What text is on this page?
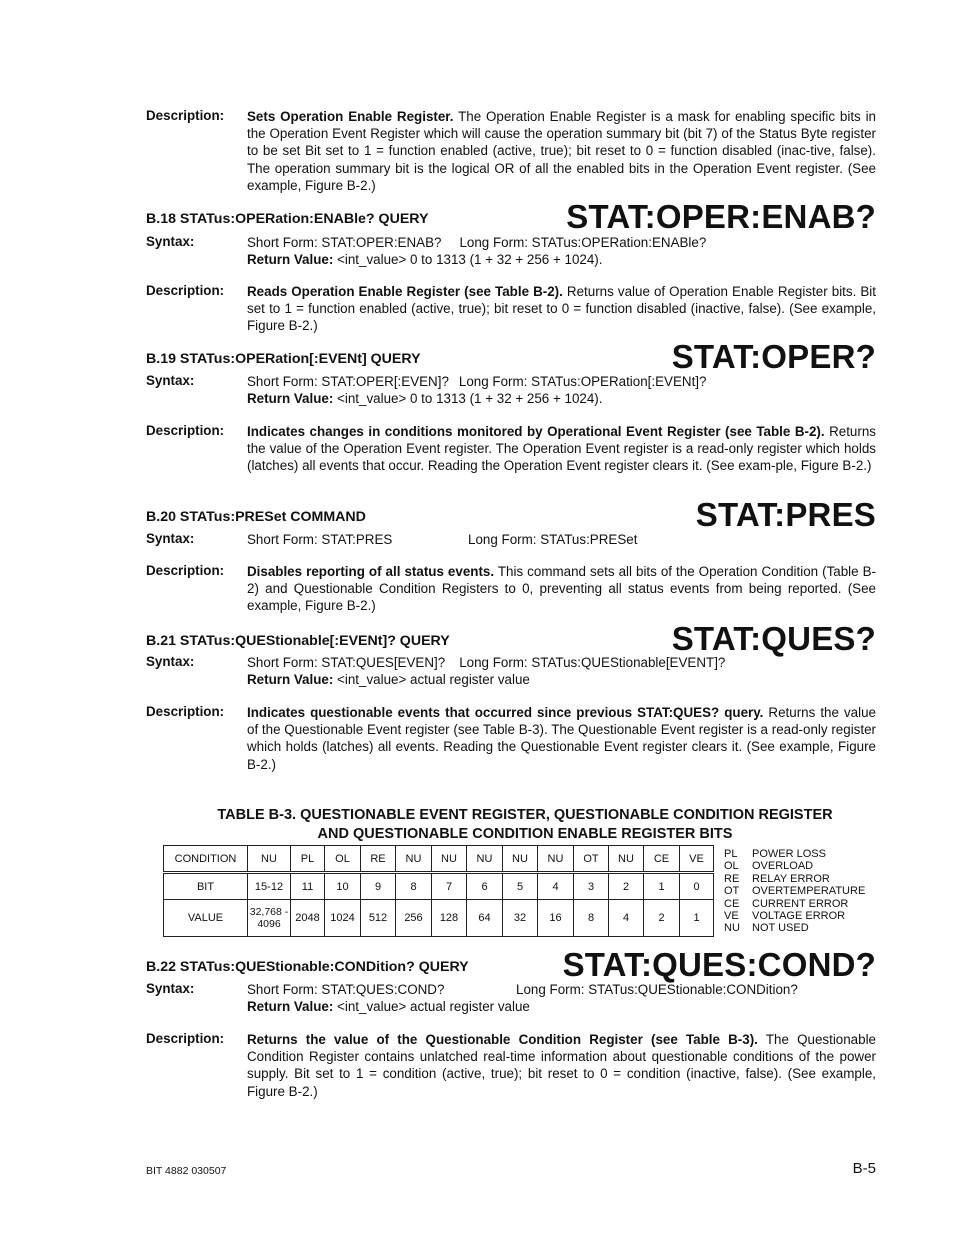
Description:	Sets Operation Enable Register. The Operation Enable Register is a mask for enabling specific bits in the Operation Event Register which will cause the operation summary bit (bit 7) of the Status Byte register to be set Bit set to 1 = function enabled (active, true); bit reset to 0 = function disabled (inac-tive, false). The operation summary bit is the logical OR of all the enabled bits in the Operation Event register. (See example, Figure B-2.)
B.18 STATus:OPERation:ENABle? QUERY	STAT:OPER:ENAB?
Syntax:	Short Form: STAT:OPER:ENAB? Long Form: STATus:OPERation:ENABle?
Return Value: <int_value> 0 to 1313 (1 + 32 + 256 + 1024).
Description:	Reads Operation Enable Register (see Table B-2). Returns value of Operation Enable Register bits. Bit set to 1 = function enabled (active, true); bit reset to 0 = function disabled (inactive, false). (See example, Figure B-2.)
B.19 STATus:OPERation[:EVENt] QUERY	STAT:OPER?
Syntax:	Short Form: STAT:OPER[:EVEN]? Long Form: STATus:OPERation[:EVENt]?
Return Value: <int_value> 0 to 1313 (1 + 32 + 256 + 1024).
Description:	Indicates changes in conditions monitored by Operational Event Register (see Table B-2). Returns the value of the Operation Event register. The Operation Event register is a read-only register which holds (latches) all events that occur. Reading the Operation Event register clears it. (See exam-ple, Figure B-2.)
B.20 STATus:PRESet COMMAND	STAT:PRES
Syntax:	Short Form: STAT:PRES	Long Form: STATus:PRESet
Description:	Disables reporting of all status events. This command sets all bits of the Operation Condition (Table B-2) and Questionable Condition Registers to 0, preventing all status events from being reported. (See example, Figure B-2.)
B.21 STATus:QUEStionable[:EVENt]? QUERY	STAT:QUES?
Syntax:	Short Form: STAT:QUES[EVEN]? Long Form: STATus:QUEStionable[EVENT]?
Return Value: <int_value> actual register value
Description:	Indicates questionable events that occurred since previous STAT:QUES? query. Returns the value of the Questionable Event register (see Table B-3). The Questionable Event register is a read-only register which holds (latches) all events. Reading the Questionable Event register clears it. (See example, Figure B-2.)
TABLE B-3. QUESTIONABLE EVENT REGISTER, QUESTIONABLE CONDITION REGISTER
AND QUESTIONABLE CONDITION ENABLE REGISTER BITS
CONDITION	NU	PL	OL	RE	NU	NU	NU	NU	NU	OT	NU	CE	VE
BIT	15-12	11	10	9	8	7	6	5	4	3	2	1	0
VALUE	32,768 - 4096	2048	1024	512	256	128	64	32	16	8	4	2	1
PL	POWER LOSS
OL	OVERLOAD
RE	RELAY ERROR
OT	OVERTEMPERATURE
CE	CURRENT ERROR
VE	VOLTAGE ERROR
NU	NOT USED
B.22 STATus:QUEStionable:CONDition? QUERY	STAT:QUES:COND?
Syntax:	Short Form: STAT:QUES:COND?	Long Form: STATus:QUEStionable:CONDition?
Return Value: <int_value> actual register value
Description:	Returns the value of the Questionable Condition Register (see Table B-3). The Questionable Condition Register contains unlatched real-time information about questionable conditions of the power supply. Bit set to 1 = condition (active, true); bit reset to 0 = condition (inactive, false). (See example, Figure B-2.)
BIT 4882 030507	B-5
